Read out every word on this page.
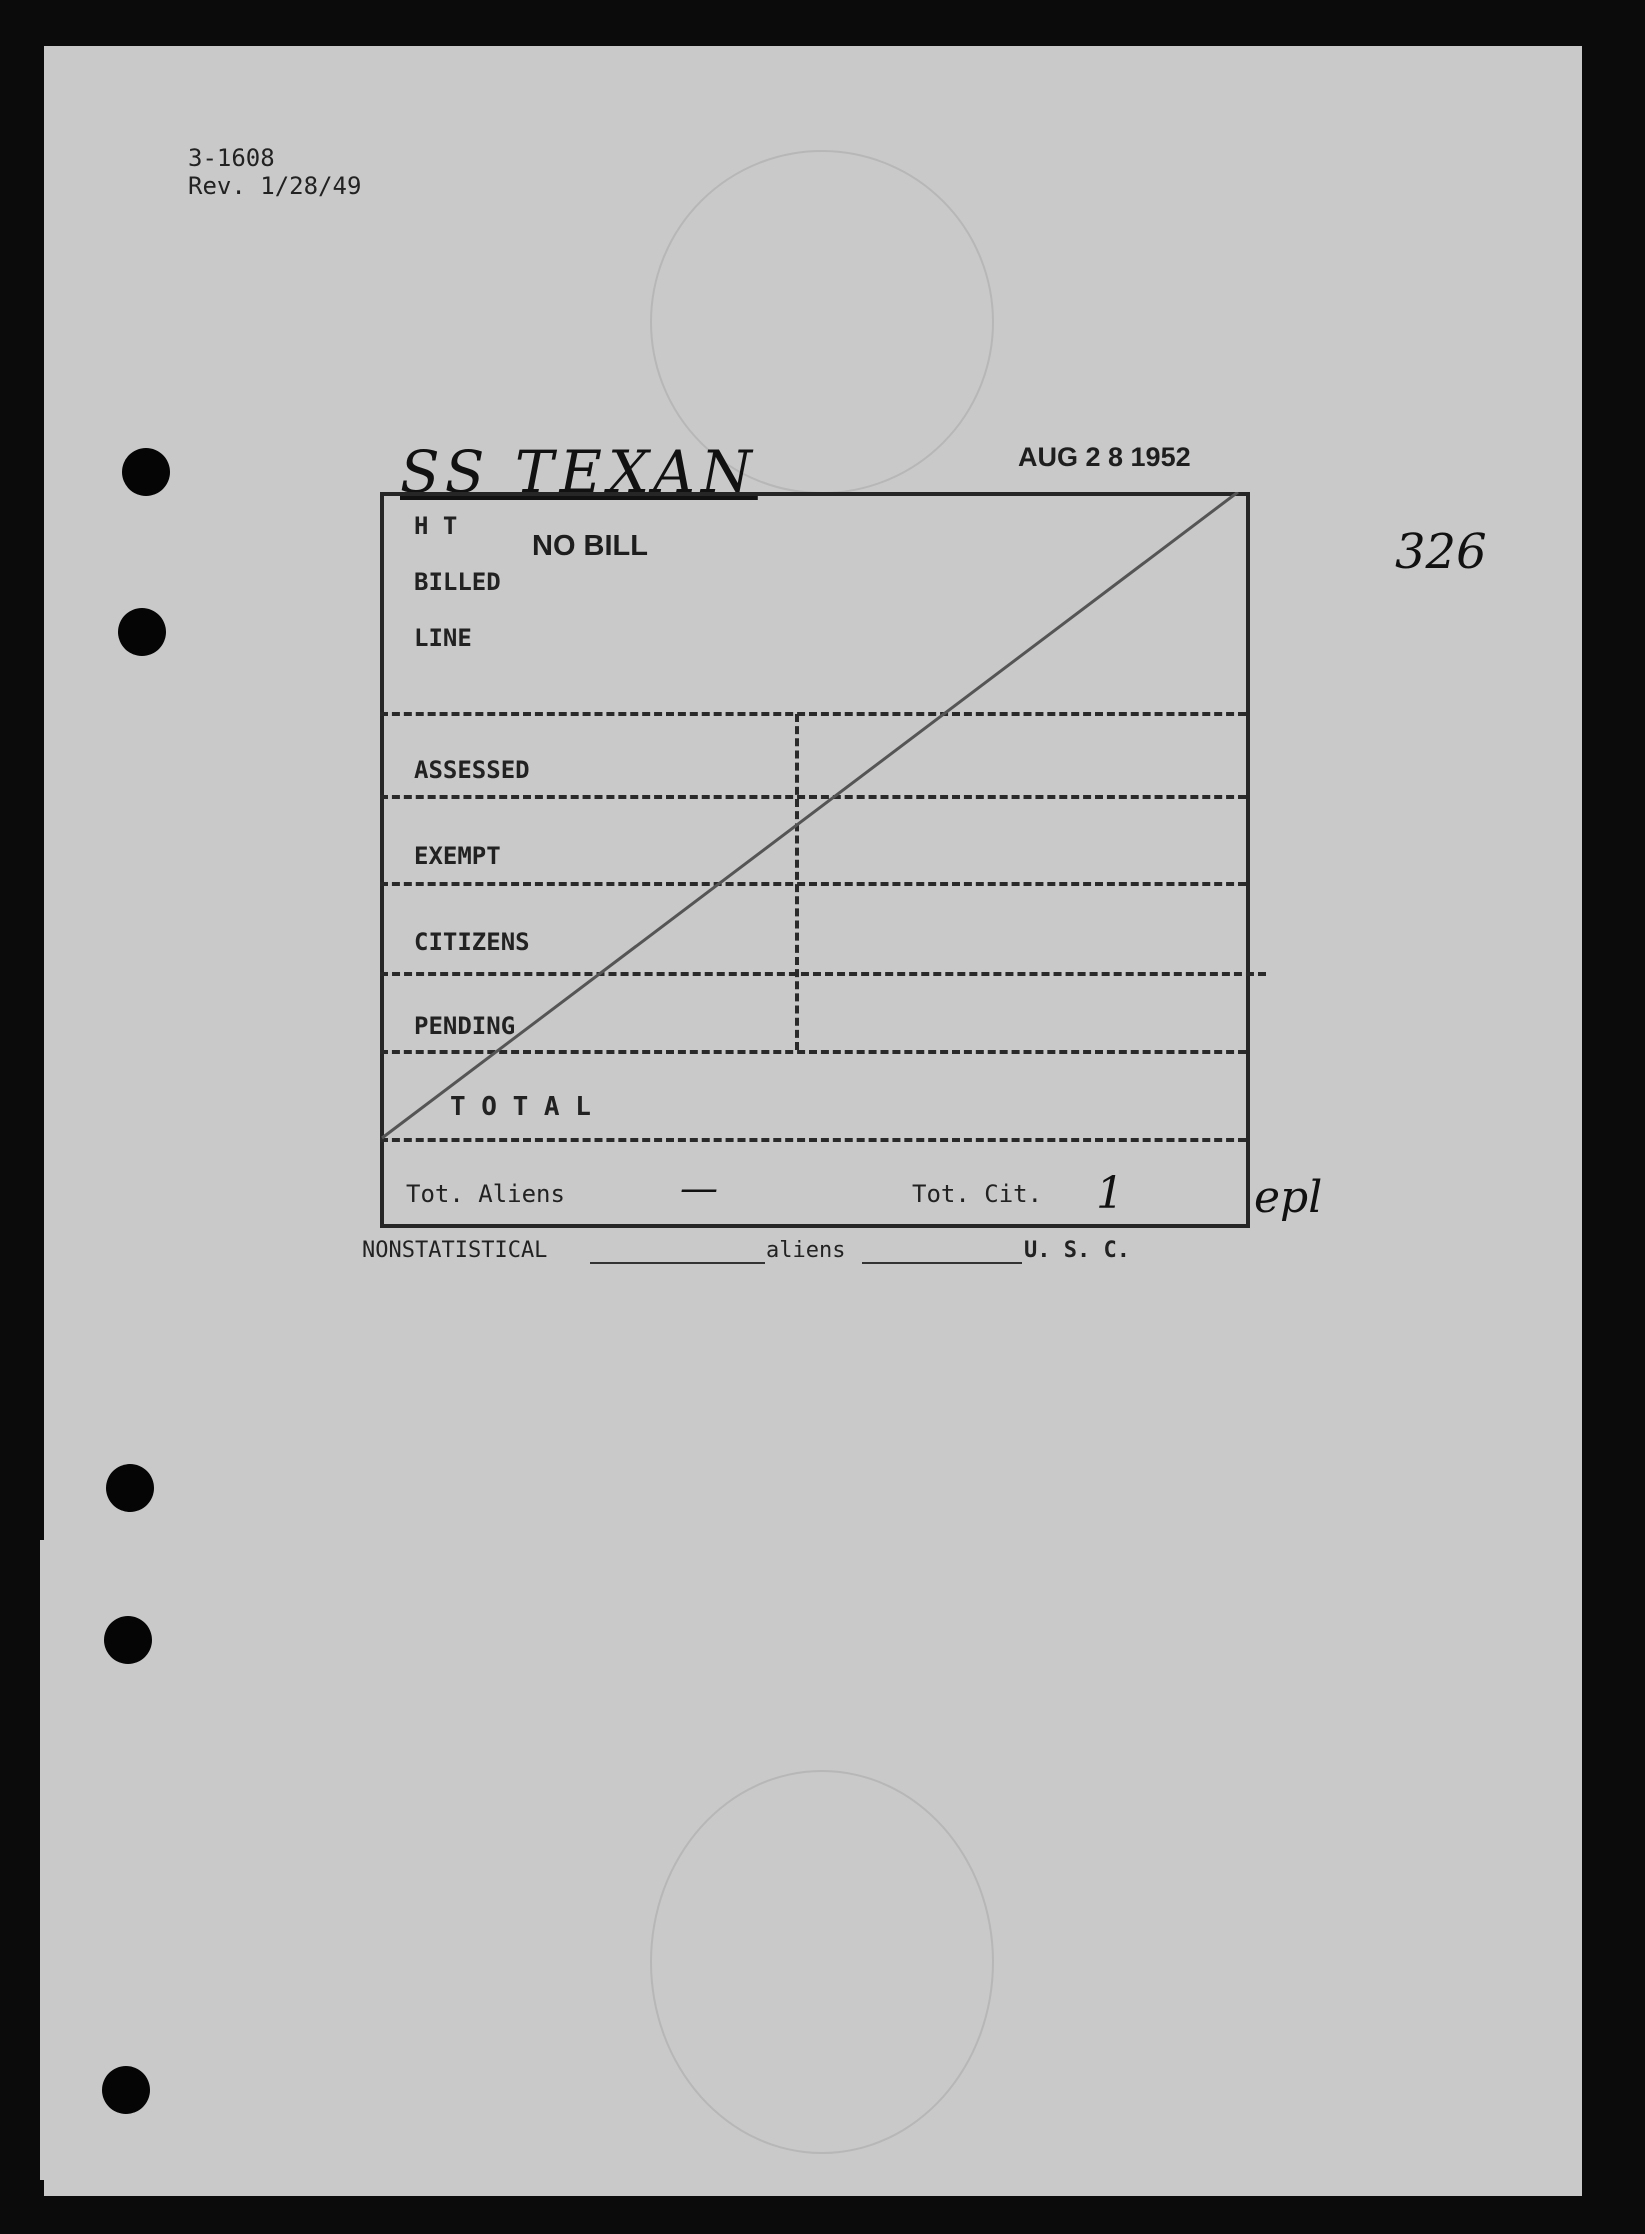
3-1608
Rev. 1/28/49
SS TEXAN	AUG 2 8 1952
326
H T
BILLED
LINE
NO BILL
ASSESSED
EXEMPT
CITIZENS
PENDING
T O T A L
Tot. Aliens	—	Tot. Cit. 1	epl
NONSTATISTICAL	aliens	U. S. C.
